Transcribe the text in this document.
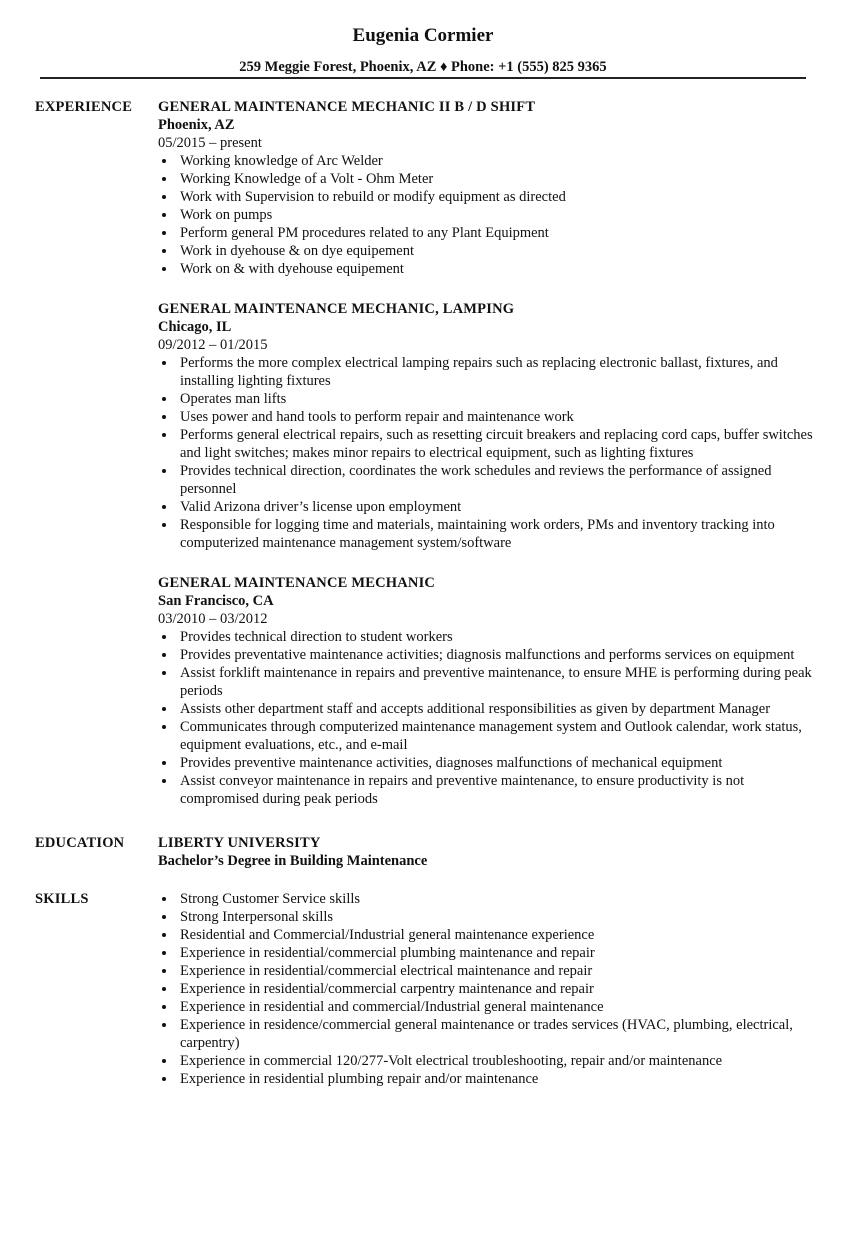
Eugenia Cormier
259 Meggie Forest, Phoenix, AZ ♦ Phone: +1 (555) 825 9365
EXPERIENCE GENERAL MAINTENANCE MECHANIC II B / D SHIFT
Phoenix, AZ
05/2015 – present
Working knowledge of Arc Welder
Working Knowledge of a Volt - Ohm Meter
Work with Supervision to rebuild or modify equipment as directed
Work on pumps
Perform general PM procedures related to any Plant Equipment
Work in dyehouse & on dye equipement
Work on & with dyehouse equipement
GENERAL MAINTENANCE MECHANIC, LAMPING
Chicago, IL
09/2012 – 01/2015
Performs the more complex electrical lamping repairs such as replacing electronic ballast, fixtures, and installing lighting fixtures
Operates man lifts
Uses power and hand tools to perform repair and maintenance work
Performs general electrical repairs, such as resetting circuit breakers and replacing cord caps, buffer switches and light switches; makes minor repairs to electrical equipment, such as lighting fixtures
Provides technical direction, coordinates the work schedules and reviews the performance of assigned personnel
Valid Arizona driver’s license upon employment
Responsible for logging time and materials, maintaining work orders, PMs and inventory tracking into computerized maintenance management system/software
GENERAL MAINTENANCE MECHANIC
San Francisco, CA
03/2010 – 03/2012
Provides technical direction to student workers
Provides preventative maintenance activities; diagnosis malfunctions and performs services on equipment
Assist forklift maintenance in repairs and preventive maintenance, to ensure MHE is performing during peak periods
Assists other department staff and accepts additional responsibilities as given by department Manager
Communicates through computerized maintenance management system and Outlook calendar, work status, equipment evaluations, etc., and e-mail
Provides preventive maintenance activities, diagnoses malfunctions of mechanical equipment
Assist conveyor maintenance in repairs and preventive maintenance, to ensure productivity is not compromised during peak periods
EDUCATION LIBERTY UNIVERSITY
Bachelor’s Degree in Building Maintenance
SKILLS	Strong Customer Service skills
Strong Interpersonal skills
Residential and Commercial/Industrial general maintenance experience
Experience in residential/commercial plumbing maintenance and repair
Experience in residential/commercial electrical maintenance and repair
Experience in residential/commercial carpentry maintenance and repair
Experience in residential and commercial/Industrial general maintenance
Experience in residence/commercial general maintenance or trades services (HVAC, plumbing, electrical, carpentry)
Experience in commercial 120/277-Volt electrical troubleshooting, repair and/or maintenance
Experience in residential plumbing repair and/or maintenance
